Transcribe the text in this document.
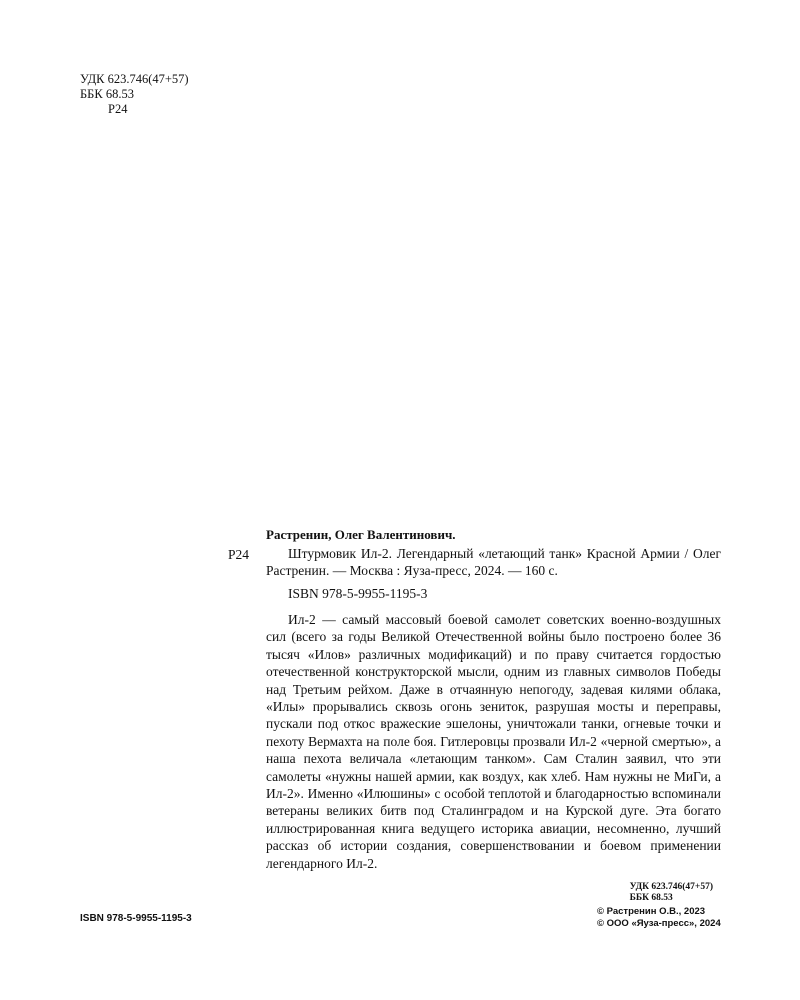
УДК 623.746(47+57)
ББК 68.53
Р24
Растренин, Олег Валентинович.
Р24	Штурмовик Ил-2. Легендарный «летающий танк» Красной Армии / Олег Растренин. — Москва : Яуза-пресс, 2024. — 160 с.
ISBN 978-5-9955-1195-3
Ил-2 — самый массовый боевой самолет советских военно-воздушных сил (всего за годы Великой Отечественной войны было построено более 36 тысяч «Илов» различных модификаций) и по праву считается гордостью отечественной конструкторской мысли, одним из главных символов Победы над Третьим рейхом. Даже в отчаянную непогоду, задевая килями облака, «Илы» прорывались сквозь огонь зениток, разрушая мосты и переправы, пускали под откос вражеские эшелоны, уничтожали танки, огневые точки и пехоту Вермахта на поле боя. Гитлеровцы прозвали Ил-2 «черной смертью», а наша пехота величала «летающим танком». Сам Сталин заявил, что эти самолеты «нужны нашей армии, как воздух, как хлеб. Нам нужны не МиГи, а Ил-2». Именно «Илюшины» с особой теплотой и благодарностью вспоминали ветераны великих битв под Сталинградом и на Курской дуге. Эта богато иллюстрированная книга ведущего историка авиации, несомненно, лучший рассказ об истории создания, совершенствовании и боевом применении легендарного Ил-2.
УДК 623.746(47+57)
ББК 68.53
ISBN 978-5-9955-1195-3
© Растренин О.В., 2023
© ООО «Яуза-пресс», 2024
